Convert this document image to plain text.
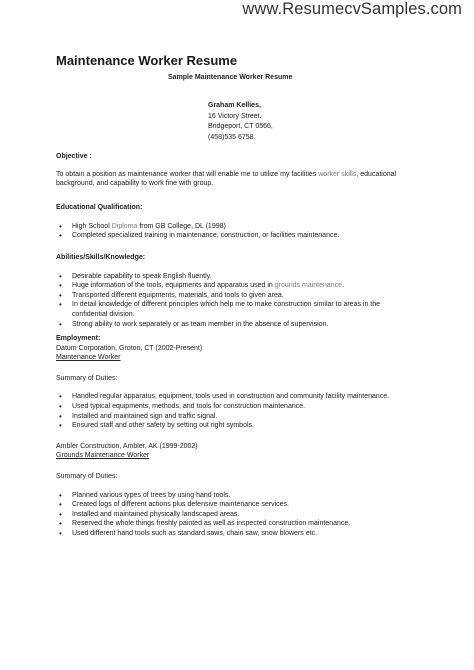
www.ResumecvSamples.com
Maintenance Worker Resume
Sample Maintenance Worker Resume
Graham Kellies,
16 Victory Street.
Bridgeport, CT 0566,
(458)535 6758.
Objective :
To obtain a position as maintenance worker that will enable me to utilize my facilities worker skills, educational
background, and capability to work fine with group.
Educational Qualification:
• High School Diploma from GB College, DL (1998)
• Completed specialized training in maintenance, construction, or facilities maintenance.
Abilities/Skills/Knowledge:
• Desirable capability to speak English fluently.
• Huge information of the tools, equipments and apparatus used in grounds maintenance.
• Transported different equipments, materials, and tools to given area.
• In detail knowledge of different principles which help me to make construction similar to areas in the
confidential division.
• Strong ability to work separately or as team member in the absence of supervision.
Employment:
Datum Corporation, Groton, CT (2002-Present)
Maintenance Worker
Summary of Duties:
• Handled regular apparatus, equipment, tools used in construction and community facility maintenance.
• Used typical equipments, methods, and tools for construction maintenance.
• Installed and maintained sign and traffic signal.
• Ensured staff and other safety by setting out right symbols.
Ambler Construction, Ambler, AK (1999-2002)
Grounds Maintenance Worker
Summary of Duties:
• Planned various types of trees by using hand tools.
• Created logs of different actions plus defensive maintenance services.
• Installed and maintained physically landscaped areas.
• Reserved the whole things freshly painted as well as inspected construction maintenance.
• Used different hand tools such as standard saws, chain saw, snow blowers etc.
